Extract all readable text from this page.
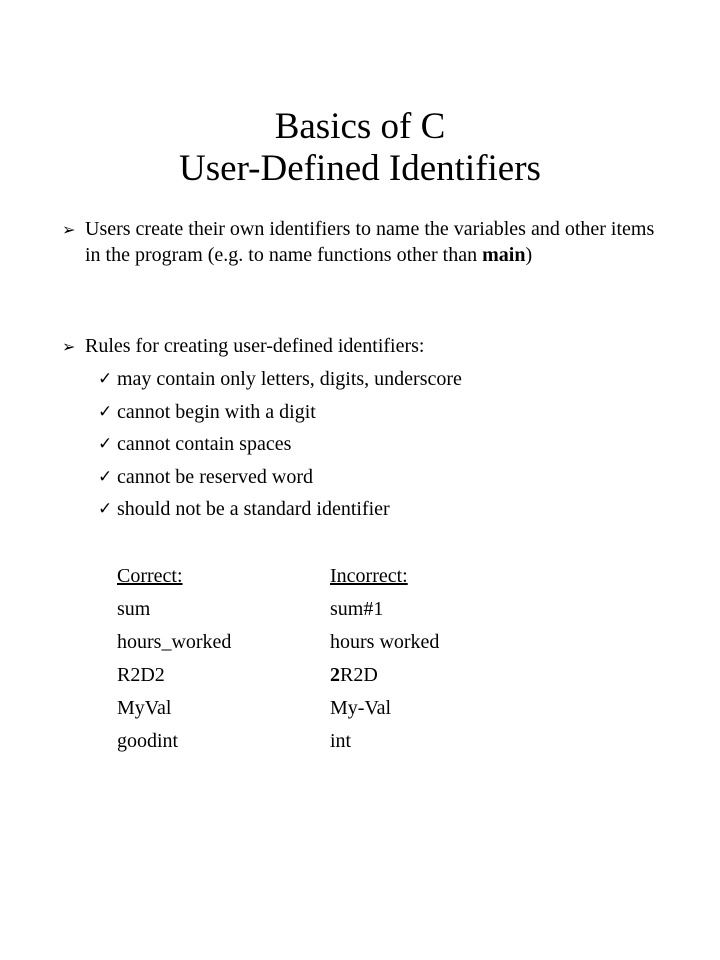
Basics of C
User-Defined Identifiers
➢ Users create their own identifiers to name the variables and other items in the program (e.g. to name functions other than main)
➢ Rules for creating user-defined identifiers:
✓ may contain only letters, digits, underscore
✓ cannot begin with a digit
✓ cannot contain spaces
✓ cannot be reserved word
✓ should not be a standard identifier
Correct:	Incorrect:
sum	sum#1
hours_worked	hours worked
R2D2	2R2D
MyVal	My-Val
goodint	int
